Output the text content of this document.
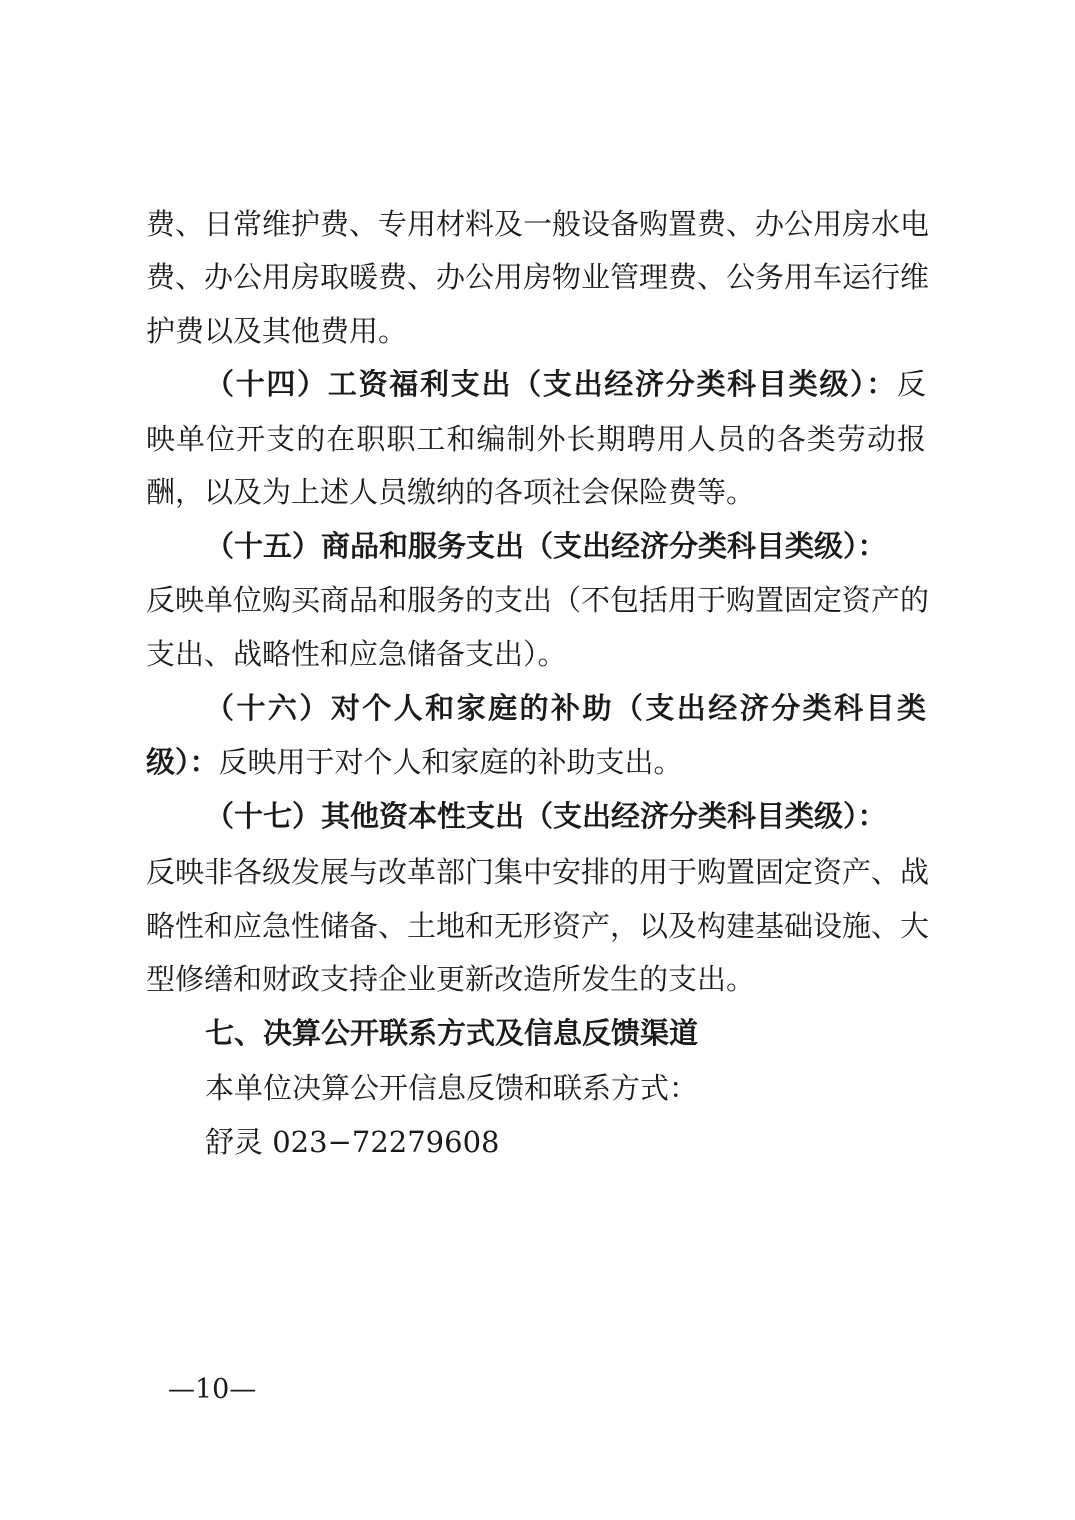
费、日常维护费、专用材料及一般设备购置费、办公用房水电
费、办公用房取暖费、办公用房物业管理费、公务用车运行维
护费以及其他费用。
（十四）工资福利支出（支出经济分类科目类级）：反
映单位开支的在职职工和编制外长期聘用人员的各类劳动报
酬，以及为上述人员缴纳的各项社会保险费等。
（十五）商品和服务支出（支出经济分类科目类级）：
反映单位购买商品和服务的支出（不包括用于购置固定资产的
支出、战略性和应急储备支出）。
（十六）对个人和家庭的补助（支出经济分类科目类
级）：反映用于对个人和家庭的补助支出。
（十七）其他资本性支出（支出经济分类科目类级）：
反映非各级发展与改革部门集中安排的用于购置固定资产、战
略性和应急性储备、土地和无形资产，以及构建基础设施、大
型修缮和财政支持企业更新改造所发生的支出。
七、决算公开联系方式及信息反馈渠道
本单位决算公开信息反馈和联系方式：
舒灵 023−72279608
—10—
